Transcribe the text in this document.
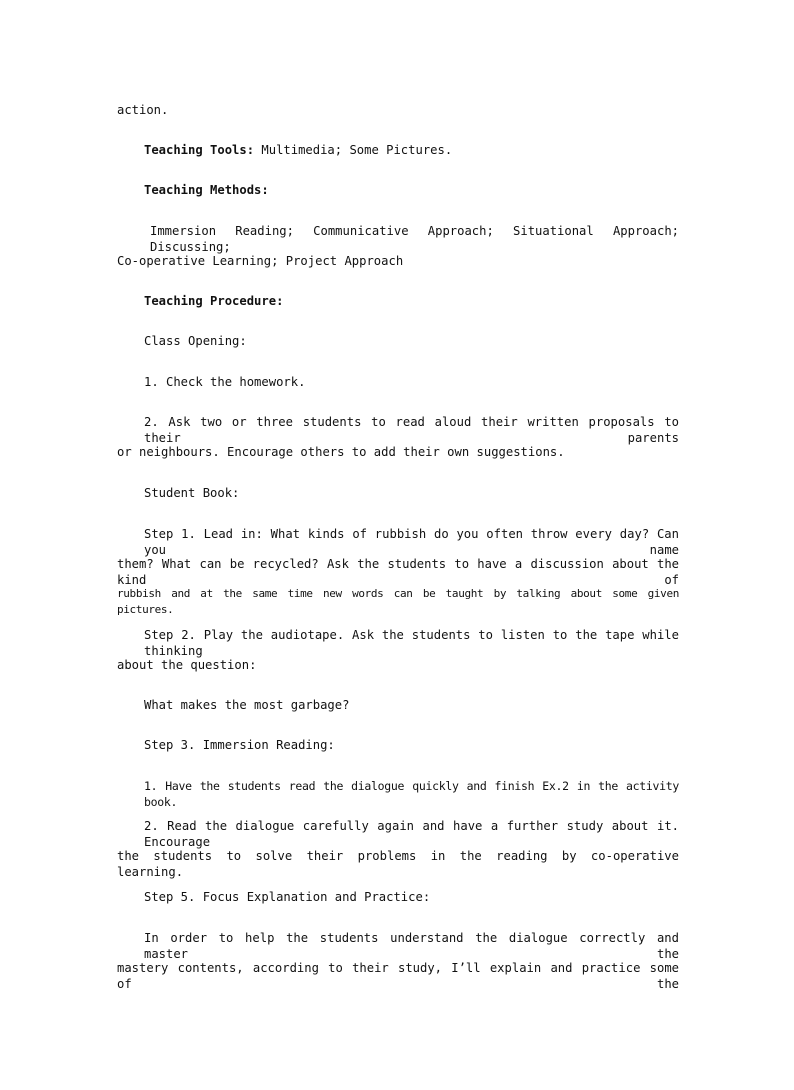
action.
Teaching Tools: Multimedia; Some Pictures.
Teaching Methods:
Immersion Reading; Communicative Approach; Situational Approach; Discussing;
Co-operative Learning; Project Approach
Teaching Procedure:
Class Opening:
1. Check the homework.
2. Ask two or three students to read aloud their written proposals to their parents
or neighbours. Encourage others to add their own suggestions.
Student Book:
Step 1. Lead in: What kinds of rubbish do you often throw every day? Can you name
them? What can be recycled? Ask the students to have a discussion about the kind of
rubbish and at the same time new words can be taught by talking about some given pictures.
Step 2. Play the audiotape. Ask the students to listen to the tape while thinking
about the question:
What makes the most garbage?
Step 3. Immersion Reading:
1. Have the students read the dialogue quickly and finish Ex.2 in the activity book.
2. Read the dialogue carefully again and have a further study about it. Encourage
the students to solve their problems in the reading by co-operative learning.
Step 5. Focus Explanation and Practice:
In order to help the students understand the dialogue correctly and master the
mastery contents, according to their study, I’ll explain and practice some of the
